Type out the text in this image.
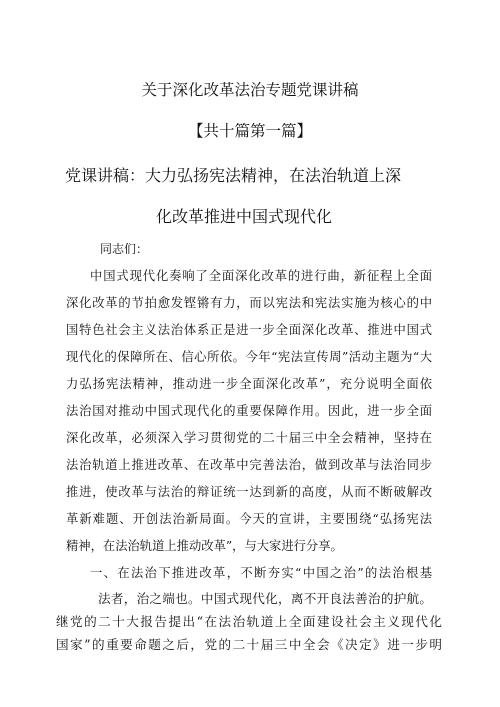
关于深化改革法治专题党课讲稿

【共十篇第一篇】

党课讲稿：大力弘扬宪法精神，在法治轨道上深

化改革推进中国式现代化

同志们：

中国式现代化奏响了全面深化改革的进行曲，新征程上全面

深化改革的节拍愈发铿锵有力，而以宪法和宪法实施为核心的中

国特色社会主义法治体系正是进一步全面深化改革、推进中国式

现代化的保障所在、信心所依。今年“宪法宣传周”活动主题为“大

力弘扬宪法精神，推动进一步全面深化改革”，充分说明全面依

法治国对推动中国式现代化的重要保障作用。因此，进一步全面

深化改革，必须深入学习贯彻党的二十届三中全会精神，坚持在

法治轨道上推进改革、在改革中完善法治，做到改革与法治同步

推进，使改革与法治的辩证统一达到新的高度，从而不断破解改

革新难题、开创法治新局面。今天的宣讲，主要围绕“弘扬宪法

精神，在法治轨道上推动改革”，与大家进行分享。

一、在法治下推进改革，不断夯实“中国之治”的法治根基

法者，治之端也。中国式现代化，离不开良法善治的护航。

继党的二十大报告提出“在法治轨道上全面建设社会主义现代化

国家”的重要命题之后，党的二十届三中全会《决定》进一步明
